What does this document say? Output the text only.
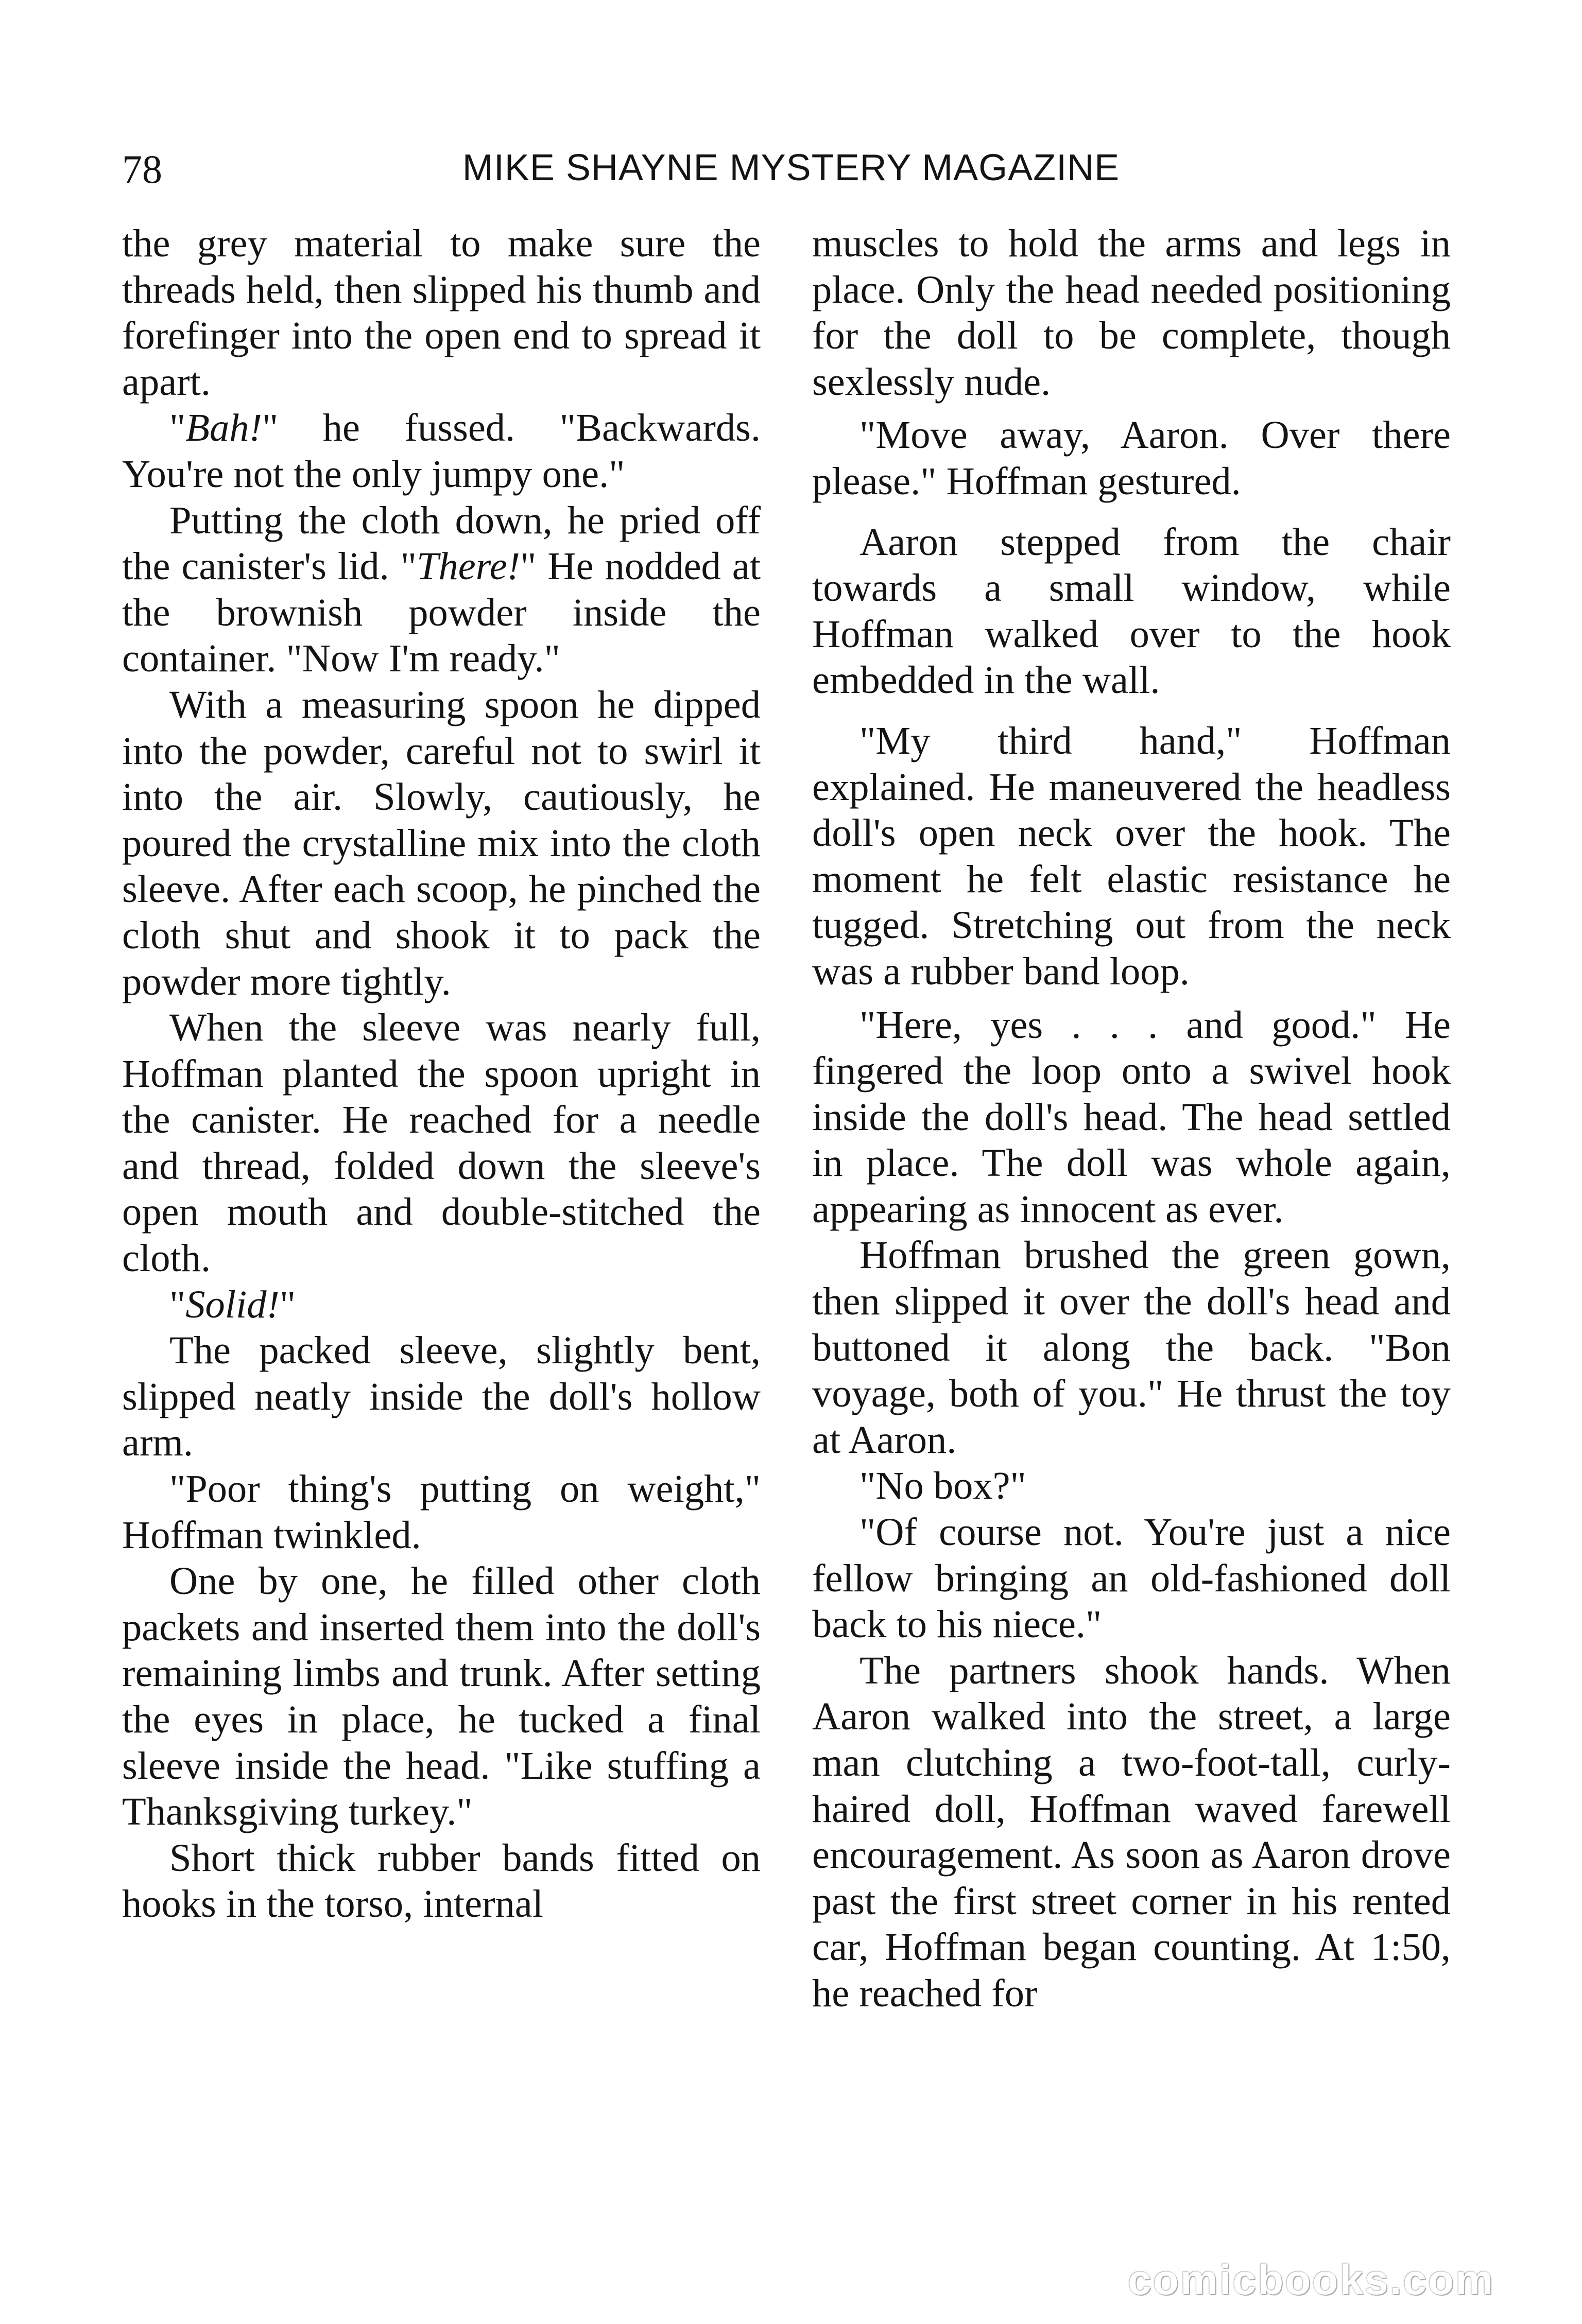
78	MIKE SHAYNE MYSTERY MAGAZINE

the grey material to make sure the threads held, then slipped his thumb and forefinger into the open end to spread it apart.

"Bah!" he fussed. "Backwards. You're not the only jumpy one."

Putting the cloth down, he pried off the canister's lid. "There!" He nodded at the brownish powder inside the container. "Now I'm ready."

With a measuring spoon he dipped into the powder, careful not to swirl it into the air. Slowly, cautiously, he poured the crystalline mix into the cloth sleeve. After each scoop, he pinched the cloth shut and shook it to pack the powder more tightly.

When the sleeve was nearly full, Hoffman planted the spoon upright in the canister. He reached for a needle and thread, folded down the sleeve's open mouth and double-stitched the cloth.

"Solid!"

The packed sleeve, slightly bent, slipped neatly inside the doll's hollow arm.

"Poor thing's putting on weight," Hoffman twinkled.

One by one, he filled other cloth packets and inserted them into the doll's remaining limbs and trunk. After setting the eyes in place, he tucked a final sleeve inside the head. "Like stuffing a Thanksgiving turkey."

Short thick rubber bands fitted on hooks in the torso, internal

muscles to hold the arms and legs in place. Only the head needed positioning for the doll to be complete, though sexlessly nude.

"Move away, Aaron. Over there please." Hoffman gestured.

Aaron stepped from the chair towards a small window, while Hoffman walked over to the hook embedded in the wall.

"My third hand," Hoffman explained. He maneuvered the headless doll's open neck over the hook. The moment he felt elastic resistance he tugged. Stretching out from the neck was a rubber band loop.

"Here, yes . . . and good." He fingered the loop onto a swivel hook inside the doll's head. The head settled in place. The doll was whole again, appearing as innocent as ever.

Hoffman brushed the green gown, then slipped it over the doll's head and buttoned it along the back. "Bon voyage, both of you." He thrust the toy at Aaron.

"No box?"

"Of course not. You're just a nice fellow bringing an old-fashioned doll back to his niece."

The partners shook hands. When Aaron walked into the street, a large man clutching a two-foot-tall, curly-haired doll, Hoffman waved farewell encouragement. As soon as Aaron drove past the first street corner in his rented car, Hoffman began counting. At 1:50, he reached for

comicbooks.com
